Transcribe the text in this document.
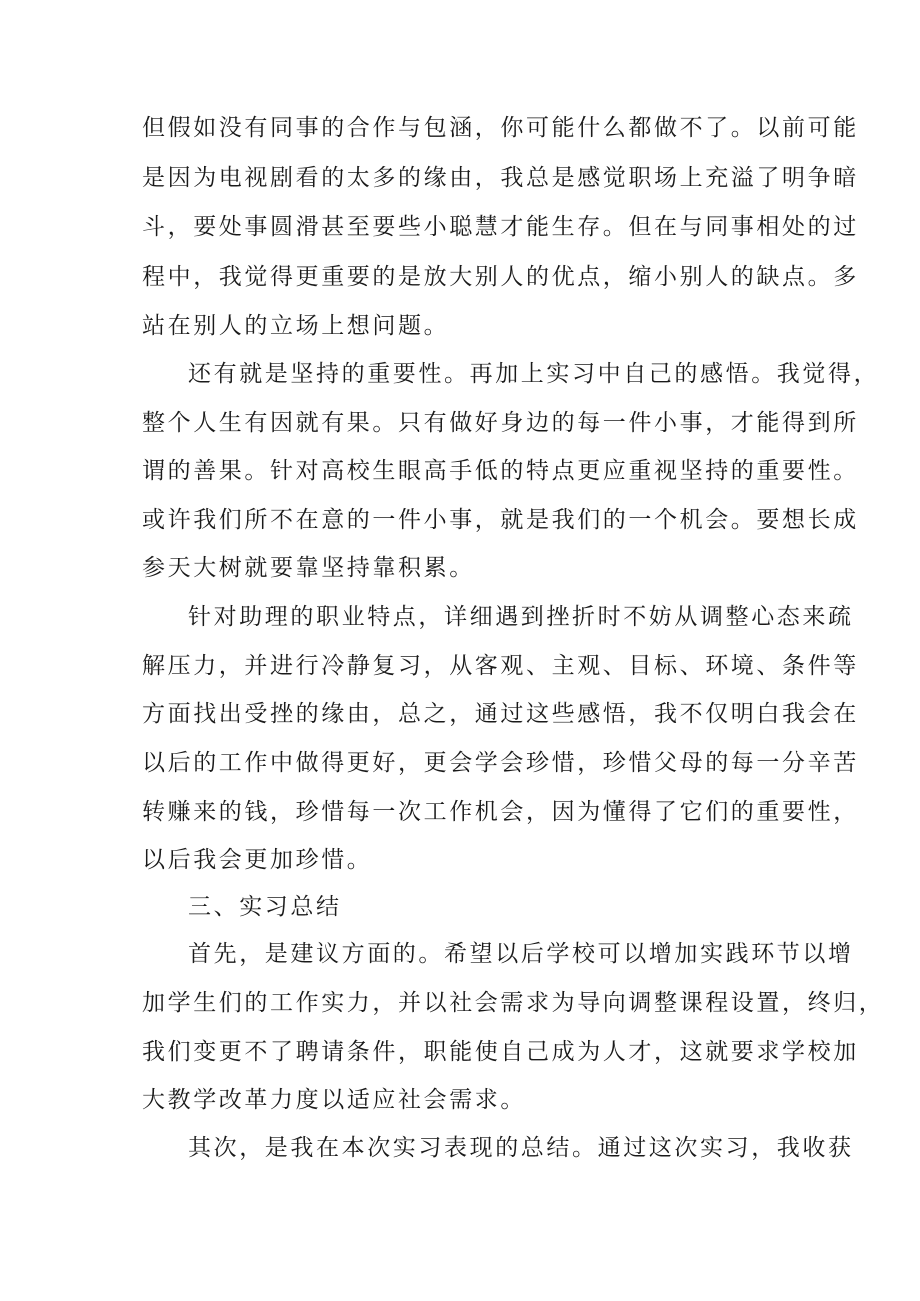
但假如没有同事的合作与包涵，你可能什么都做不了。以前可能

是因为电视剧看的太多的缘由，我总是感觉职场上充溢了明争暗

斗，要处事圆滑甚至要些小聪慧才能生存。但在与同事相处的过

程中，我觉得更重要的是放大别人的优点，缩小别人的缺点。多

站在别人的立场上想问题。

还有就是坚持的重要性。再加上实习中自己的感悟。我觉得，

整个人生有因就有果。只有做好身边的每一件小事，才能得到所

谓的善果。针对高校生眼高手低的特点更应重视坚持的重要性。

或许我们所不在意的一件小事，就是我们的一个机会。要想长成

参天大树就要靠坚持靠积累。

针对助理的职业特点，详细遇到挫折时不妨从调整心态来疏

解压力，并进行冷静复习，从客观、主观、目标、环境、条件等

方面找出受挫的缘由，总之，通过这些感悟，我不仅明白我会在

以后的工作中做得更好，更会学会珍惜，珍惜父母的每一分辛苦

转赚来的钱，珍惜每一次工作机会，因为懂得了它们的重要性，

以后我会更加珍惜。

三、实习总结

首先，是建议方面的。希望以后学校可以增加实践环节以增

加学生们的工作实力，并以社会需求为导向调整课程设置，终归，

我们变更不了聘请条件，职能使自己成为人才，这就要求学校加

大教学改革力度以适应社会需求。

其次，是我在本次实习表现的总结。通过这次实习，我收获
